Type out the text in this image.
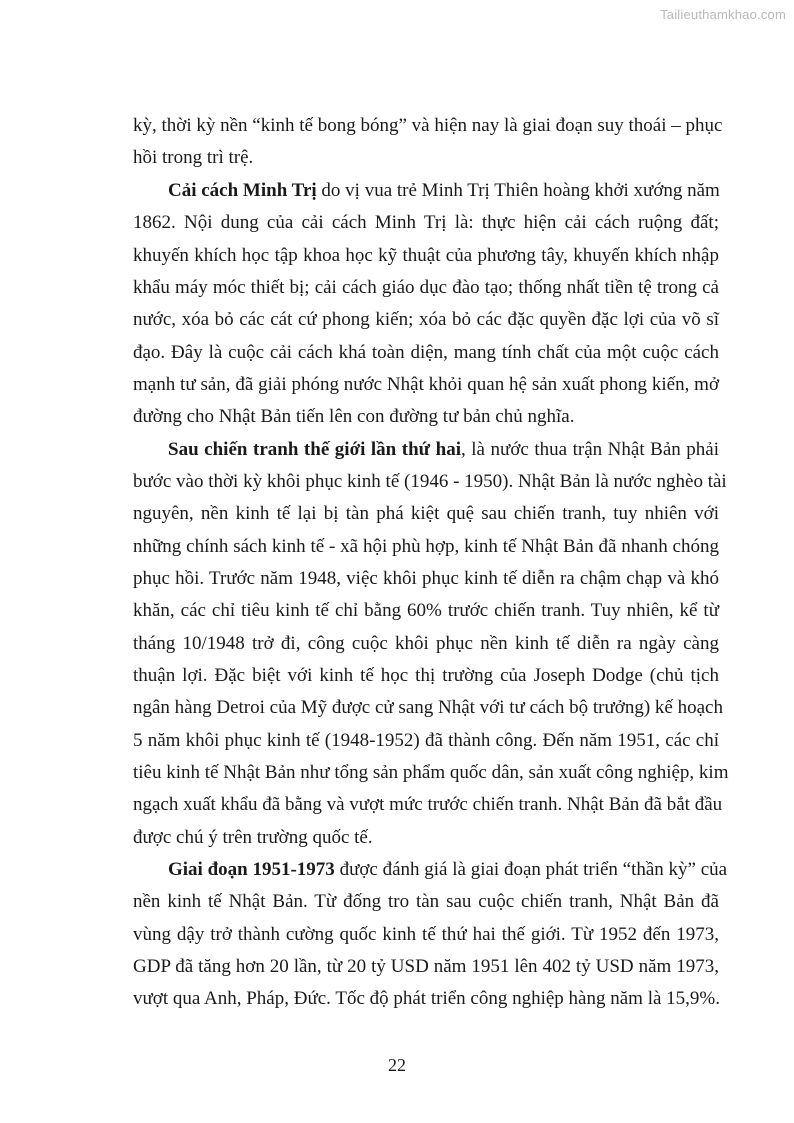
Tailieuthamkhao.com

kỳ, thời kỳ nền “kinh tế bong bóng” và hiện nay là giai đoạn suy thoái – phục

hồi trong trì trệ.

Cải cách Minh Trị do vị vua trẻ Minh Trị Thiên hoàng khởi xướng năm

1862. Nội dung của cải cách Minh Trị là: thực hiện cải cách ruộng đất;

khuyến khích học tập khoa học kỹ thuật của phương tây, khuyến khích nhập

khẩu máy móc thiết bị; cải cách giáo dục đào tạo; thống nhất tiền tệ trong cả

nước, xóa bỏ các cát cứ phong kiến; xóa bỏ các đặc quyền đặc lợi của võ sĩ

đạo. Đây là cuộc cải cách khá toàn diện, mang tính chất của một cuộc cách

mạnh tư sản, đã giải phóng nước Nhật khỏi quan hệ sản xuất phong kiến, mở

đường cho Nhật Bản tiến lên con đường tư bản chủ nghĩa.

Sau chiến tranh thế giới lần thứ hai, là nước thua trận Nhật Bản phải

bước vào thời kỳ khôi phục kinh tế (1946 - 1950). Nhật Bản là nước nghèo tài

nguyên, nền kinh tế lại bị tàn phá kiệt quệ sau chiến tranh, tuy nhiên với

những chính sách kinh tế - xã hội phù hợp, kinh tế Nhật Bản đã nhanh chóng

phục hồi. Trước năm 1948, việc khôi phục kinh tế diễn ra chậm chạp và khó

khăn, các chỉ tiêu kinh tế chỉ bằng 60% trước chiến tranh. Tuy nhiên, kể từ

tháng 10/1948 trở đi, công cuộc khôi phục nền kinh tế diễn ra ngày càng

thuận lợi. Đặc biệt với kinh tế học thị trường của Joseph Dodge (chủ tịch

ngân hàng Detroi của Mỹ được cử sang Nhật với tư cách bộ trưởng) kế hoạch

5 năm khôi phục kinh tế (1948-1952) đã thành công. Đến năm 1951, các chỉ

tiêu kinh tế Nhật Bản như tổng sản phẩm quốc dân, sản xuất công nghiệp, kim

ngạch xuất khẩu đã bằng và vượt mức trước chiến tranh. Nhật Bản đã bắt đầu

được chú ý trên trường quốc tế.

Giai đoạn 1951-1973 được đánh giá là giai đoạn phát triển “thần kỳ” của

nền kinh tế Nhật Bản. Từ đống tro tàn sau cuộc chiến tranh, Nhật Bản đã

vùng dậy trở thành cường quốc kinh tế thứ hai thế giới. Từ 1952 đến 1973,

GDP đã tăng hơn 20 lần, từ 20 tỷ USD năm 1951 lên 402 tỷ USD năm 1973,

vượt qua Anh, Pháp, Đức. Tốc độ phát triển công nghiệp hàng năm là 15,9%.

22
